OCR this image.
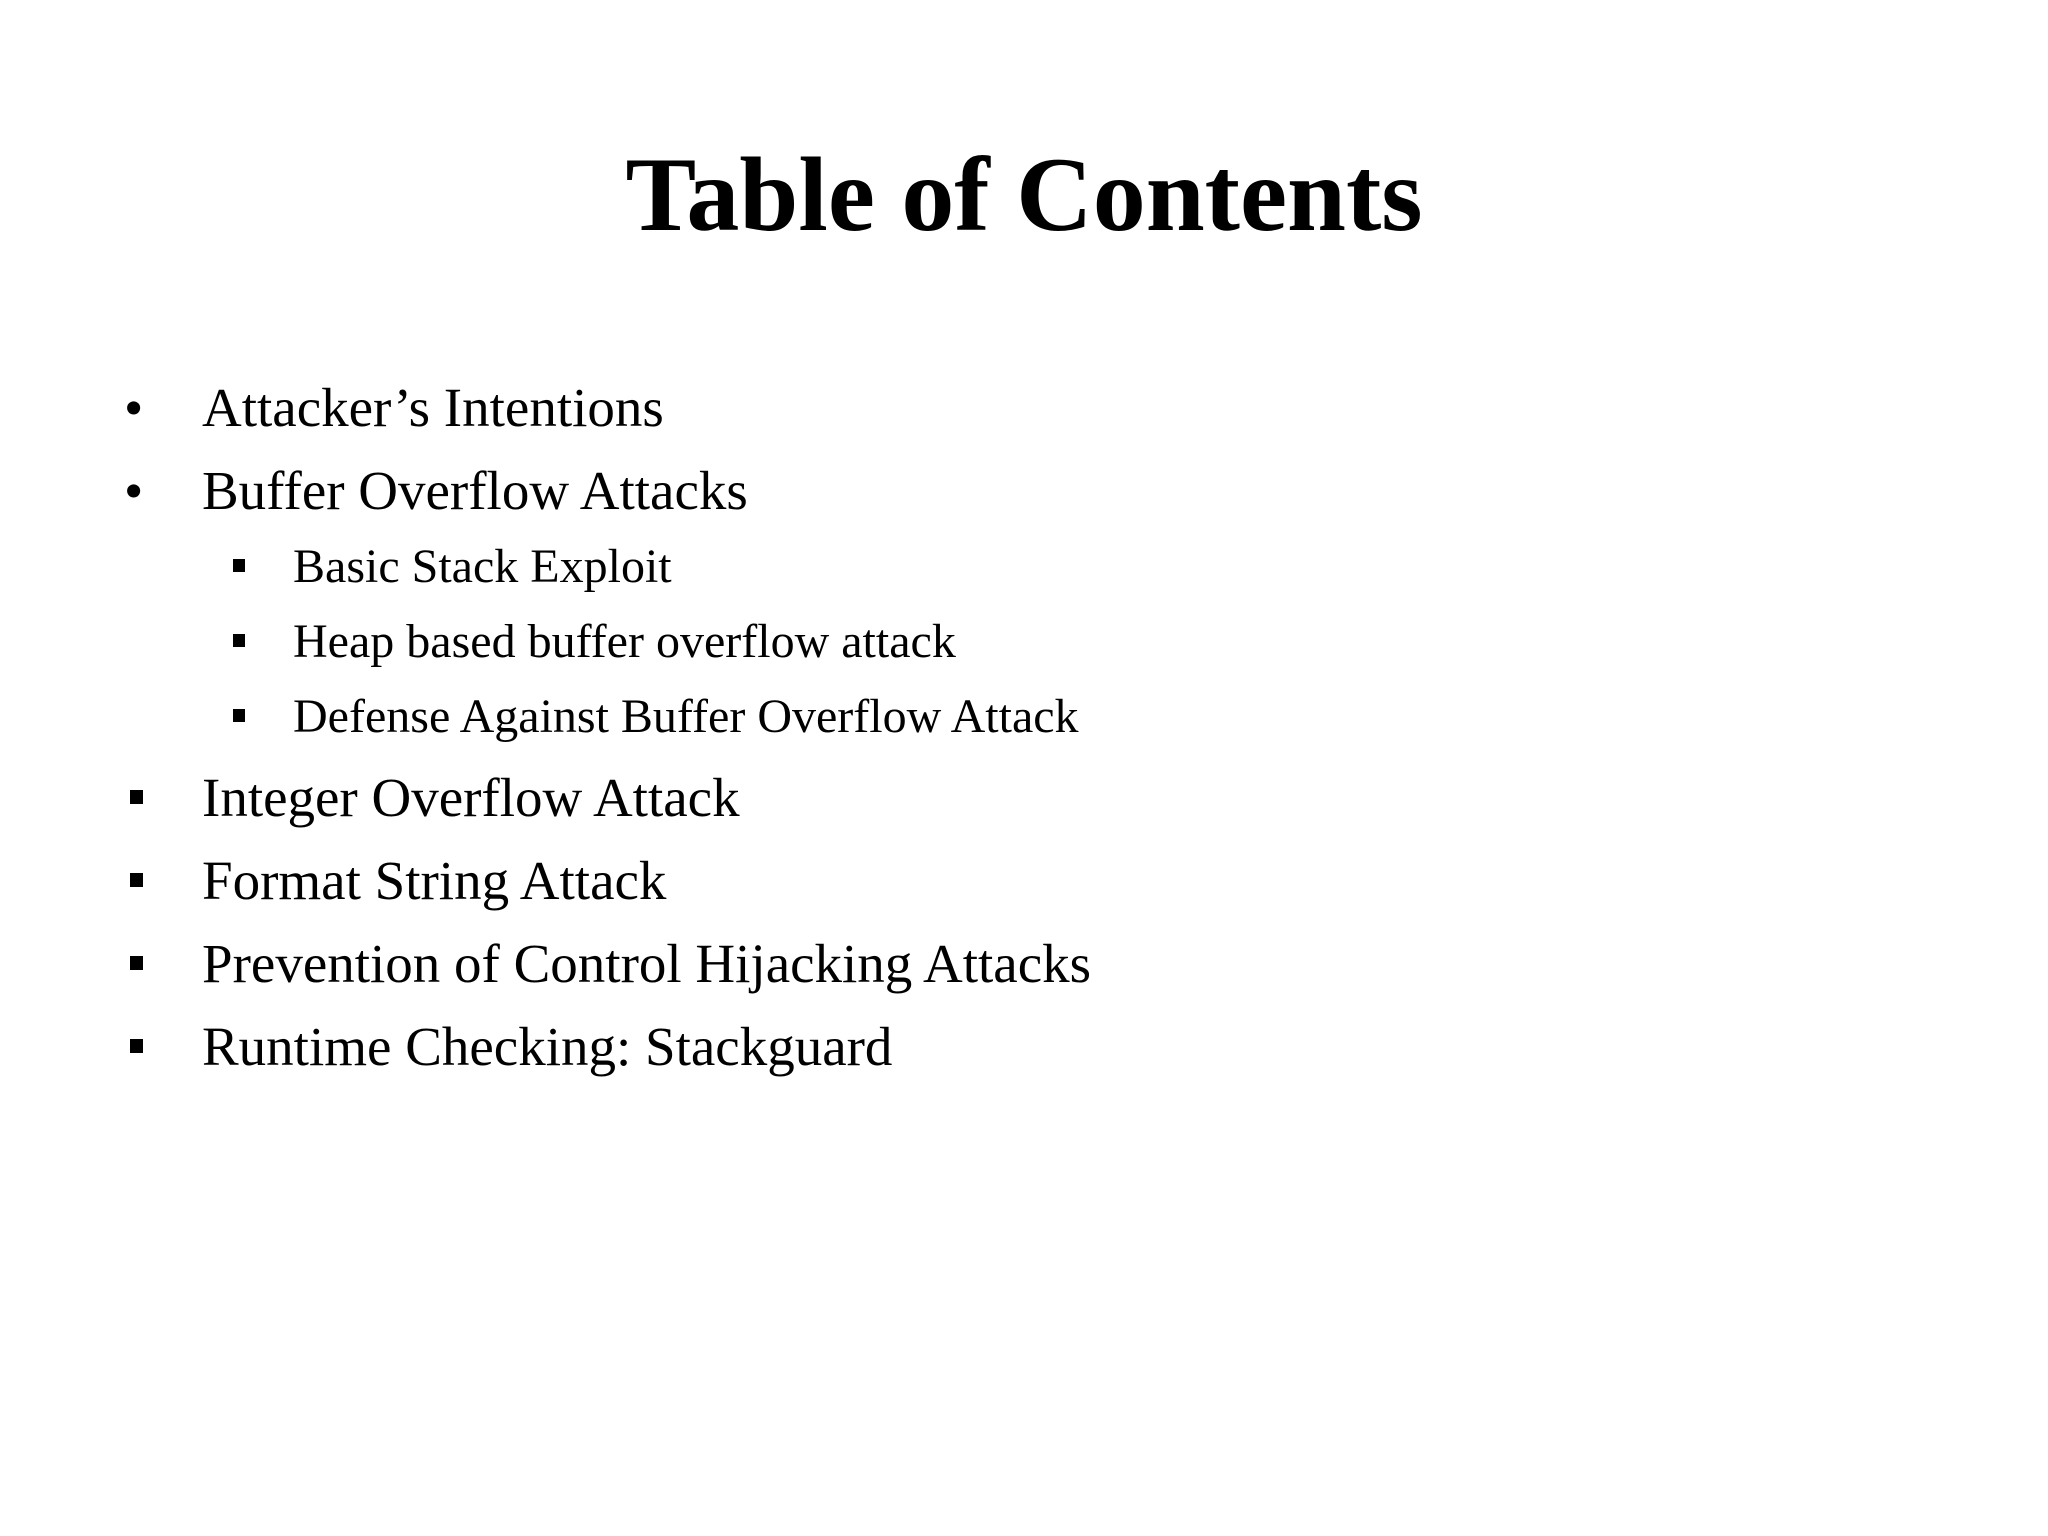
Table of Contents
• Attacker’s Intentions
• Buffer Overflow Attacks
Basic Stack Exploit
Heap based buffer overflow attack
Defense Against Buffer Overflow Attack
Integer Overflow Attack
Format String Attack
Prevention of Control Hijacking Attacks
Runtime Checking: Stackguard
